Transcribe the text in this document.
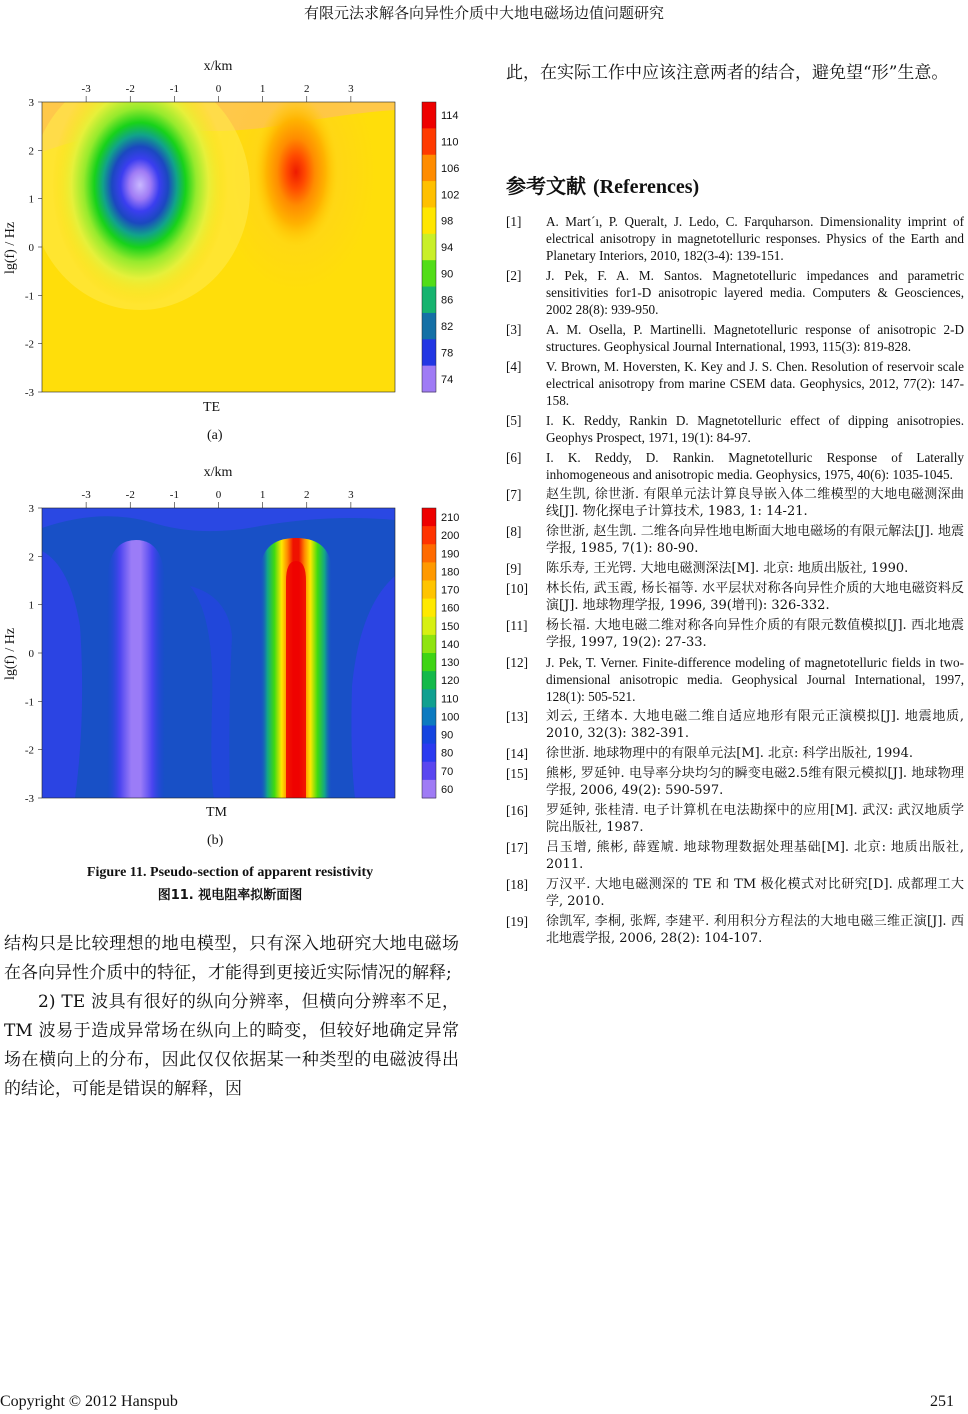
有限元法求解各向异性介质中大地电磁场边值问题研究
x/km
-3	-2	-1	0	1	2	3
3
2
1
0
-1
-2
-3
lg(f) / Hz
114
110
106
102
98
94
90
86
82
78
74
TE
(a)
x/km
-3	-2	-1	0	1	2	3
3
2
1
0
-1
-2
-3
lg(f) / Hz
210
200
190
180
170
160
150
140
130
120
110
100
90
80
70
60
TM
(b)
Figure 11. Pseudo-section of apparent resistivity
图11. 视电阻率拟断面图

结构只是比较理想的地电模型，只有深入地研究大地电磁场在各向异性介质中的特征，才能得到更接近实际情况的解释;

2) TE 波具有很好的纵向分辨率，但横向分辨率不足，TM 波易于造成异常场在纵向上的畸变，但较好地确定异常场在横向上的分布，因此仅仅依据某一种类型的电磁波得出的结论，可能是错误的解释，因

此，在实际工作中应该注意两者的结合，避免望“形”生意。
参考文献 (References)
[1]	A. Mart´ı, P. Queralt, J. Ledo, C. Farquharson. Dimensionality imprint of electrical anisotropy in magnetotelluric responses. Physics of the Earth and Planetary Interiors, 2010, 182(3-4): 139-151.
[2]	J. Pek, F. A. M. Santos. Magnetotelluric impedances and parametric sensitivities for1-D anisotropic layered media. Computers & Geosciences, 2002 28(8): 939-950.
[3]	A. M. Osella, P. Martinelli. Magnetotelluric response of anisotropic 2-D structures. Geophysical Journal International, 1993, 115(3): 819-828.
[4]	V. Brown, M. Hoversten, K. Key and J. S. Chen. Resolution of reservoir scale electrical anisotropy from marine CSEM data. Geophysics, 2012, 77(2): 147-158.
[5]	I. K. Reddy, Rankin D. Magnetotelluric effect of dipping anisotropies. Geophys Prospect, 1971, 19(1): 84-97.
[6]	I. K. Reddy, D. Rankin. Magnetotelluric Response of Laterally inhomogeneous and anisotropic media. Geophysics, 1975, 40(6): 1035-1045.
[7]	赵生凯, 徐世浙. 有限单元法计算良导嵌入体二维模型的大地电磁测深曲线[J]. 物化探电子计算技术, 1983, 1: 14-21.
[8]	徐世浙, 赵生凯. 二维各向异性地电断面大地电磁场的有限元解法[J]. 地震学报, 1985, 7(1): 80-90.
[9]	陈乐寿, 王光锷. 大地电磁测深法[M]. 北京: 地质出版社, 1990.
[10]	林长佑, 武玉霞, 杨长福等. 水平层状对称各向异性介质的大地电磁资料反演[J]. 地球物理学报, 1996, 39(增刊): 326-332.
[11]	杨长福. 大地电磁二维对称各向异性介质的有限元数值模拟[J]. 西北地震学报, 1997, 19(2): 27-33.
[12]	J. Pek, T. Verner. Finite-difference modeling of magnetotelluric fields in two-dimensional anisotropic media. Geophysical Journal International, 1997, 128(1): 505-521.
[13]	刘云, 王绪本. 大地电磁二维自适应地形有限元正演模拟[J]. 地震地质, 2010, 32(3): 382-391.
[14]	徐世浙. 地球物理中的有限单元法[M]. 北京: 科学出版社, 1994.
[15]	熊彬, 罗延钟. 电导率分块均匀的瞬变电磁2.5维有限元模拟[J]. 地球物理学报, 2006, 49(2): 590-597.
[16]	罗延钟, 张桂清. 电子计算机在电法勘探中的应用[M]. 武汉: 武汉地质学院出版社, 1987.
[17]	吕玉增, 熊彬, 薛霆虓. 地球物理数据处理基础[M]. 北京: 地质出版社, 2011.
[18]	万汉平. 大地电磁测深的 TE 和 TM 极化模式对比研究[D]. 成都理工大学, 2010.
[19]	徐凯军, 李桐, 张辉, 李建平. 利用积分方程法的大地电磁三维正演[J]. 西北地震学报, 2006, 28(2): 104-107.
Copyright © 2012 Hanspub	251
